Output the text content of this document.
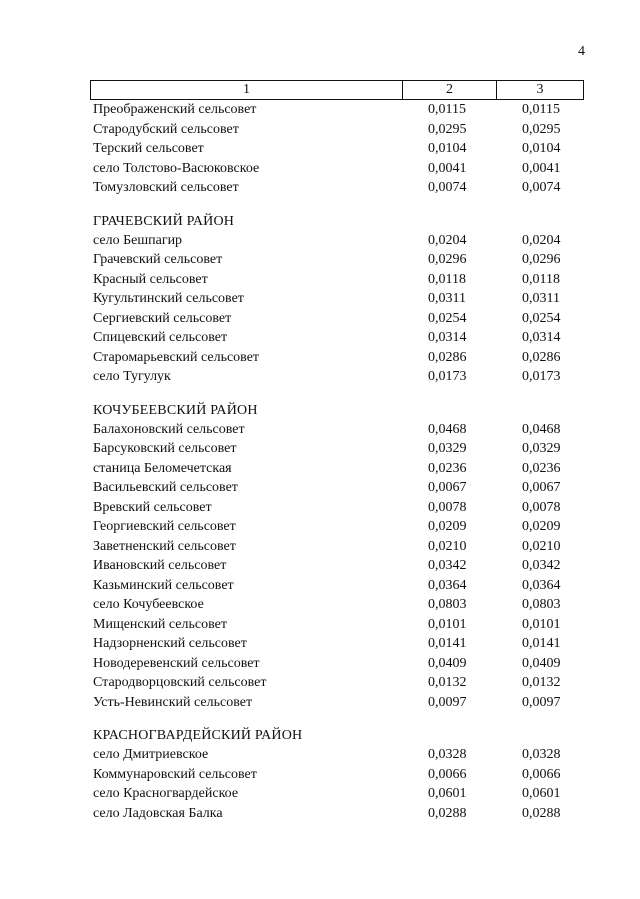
4
1	2	3
Преображенский сельсовет	0,0115	0,0115
Стародубский сельсовет	0,0295	0,0295
Терский сельсовет	0,0104	0,0104
село Толстово-Васюковское	0,0041	0,0041
Томузловский сельсовет	0,0074	0,0074
ГРАЧЕВСКИЙ РАЙОН
село Бешпагир	0,0204	0,0204
Грачевский сельсовет	0,0296	0,0296
Красный сельсовет	0,0118	0,0118
Кугультинский сельсовет	0,0311	0,0311
Сергиевский сельсовет	0,0254	0,0254
Спицевский сельсовет	0,0314	0,0314
Старомарьевский сельсовет	0,0286	0,0286
село Тугулук	0,0173	0,0173
КОЧУБЕЕВСКИЙ РАЙОН
Балахоновский сельсовет	0,0468	0,0468
Барсуковский сельсовет	0,0329	0,0329
станица Беломечетская	0,0236	0,0236
Васильевский сельсовет	0,0067	0,0067
Вревский сельсовет	0,0078	0,0078
Георгиевский сельсовет	0,0209	0,0209
Заветненский сельсовет	0,0210	0,0210
Ивановский сельсовет	0,0342	0,0342
Казьминский сельсовет	0,0364	0,0364
село Кочубеевское	0,0803	0,0803
Мищенский сельсовет	0,0101	0,0101
Надзорненский сельсовет	0,0141	0,0141
Новодеревенский сельсовет	0,0409	0,0409
Стародворцовский сельсовет	0,0132	0,0132
Усть-Невинский сельсовет	0,0097	0,0097
КРАСНОГВАРДЕЙСКИЙ РАЙОН
село Дмитриевское	0,0328	0,0328
Коммунаровский сельсовет	0,0066	0,0066
село Красногвардейское	0,0601	0,0601
село Ладовская Балка	0,0288	0,0288
